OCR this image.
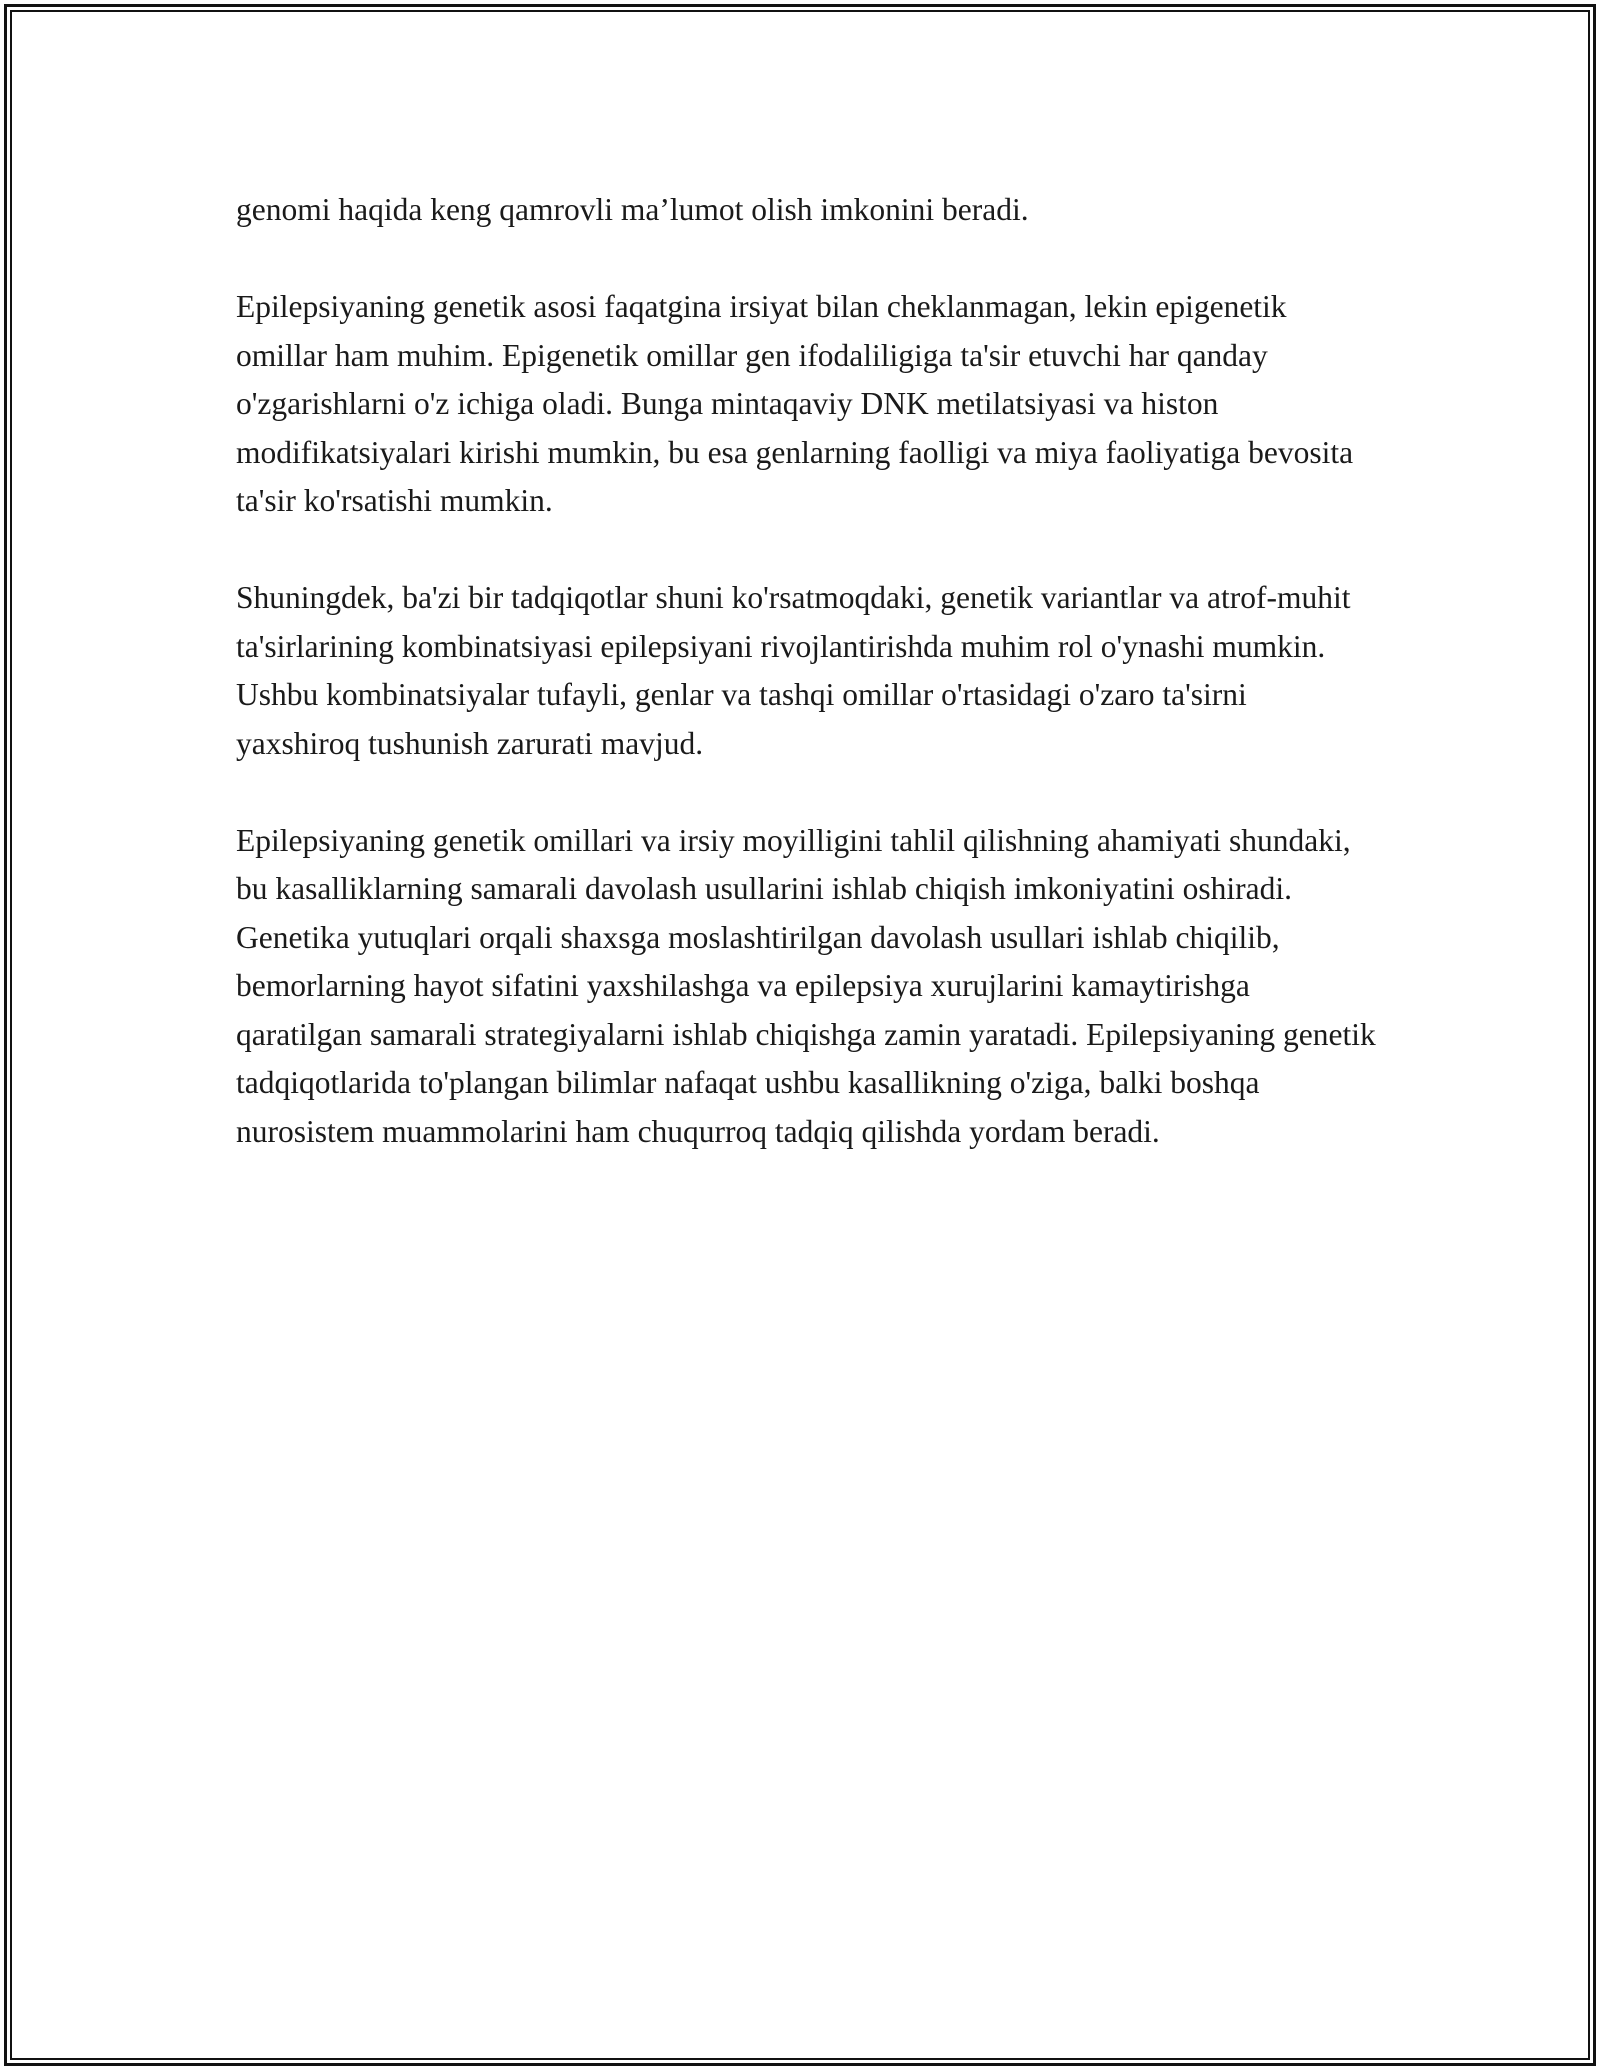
genomi haqida keng qamrovli ma’lumot olish imkonini beradi.

Epilepsiyaning genetik asosi faqatgina irsiyat bilan cheklanmagan, lekin epigenetik omillar ham muhim. Epigenetik omillar gen ifodaliligiga ta'sir etuvchi har qanday o'zgarishlarni o'z ichiga oladi. Bunga mintaqaviy DNK metilatsiyasi va histon modifikatsiyalari kirishi mumkin, bu esa genlarning faolligi va miya faoliyatiga bevosita ta'sir ko'rsatishi mumkin.

Shuningdek, ba'zi bir tadqiqotlar shuni ko'rsatmoqdaki, genetik variantlar va atrof-muhit ta'sirlarining kombinatsiyasi epilepsiyani rivojlantirishda muhim rol o'ynashi mumkin. Ushbu kombinatsiyalar tufayli, genlar va tashqi omillar o'rtasidagi o'zaro ta'sirni yaxshiroq tushunish zarurati mavjud.

Epilepsiyaning genetik omillari va irsiy moyilligini tahlil qilishning ahamiyati shundaki, bu kasalliklarning samarali davolash usullarini ishlab chiqish imkoniyatini oshiradi. Genetika yutuqlari orqali shaxsga moslashtirilgan davolash usullari ishlab chiqilib, bemorlarning hayot sifatini yaxshilashga va epilepsiya xurujlarini kamaytirishga qaratilgan samarali strategiyalarni ishlab chiqishga zamin yaratadi. Epilepsiyaning genetik tadqiqotlarida to'plangan bilimlar nafaqat ushbu kasallikning o'ziga, balki boshqa nurosistem muammolarini ham chuqurroq tadqiq qilishda yordam beradi.
